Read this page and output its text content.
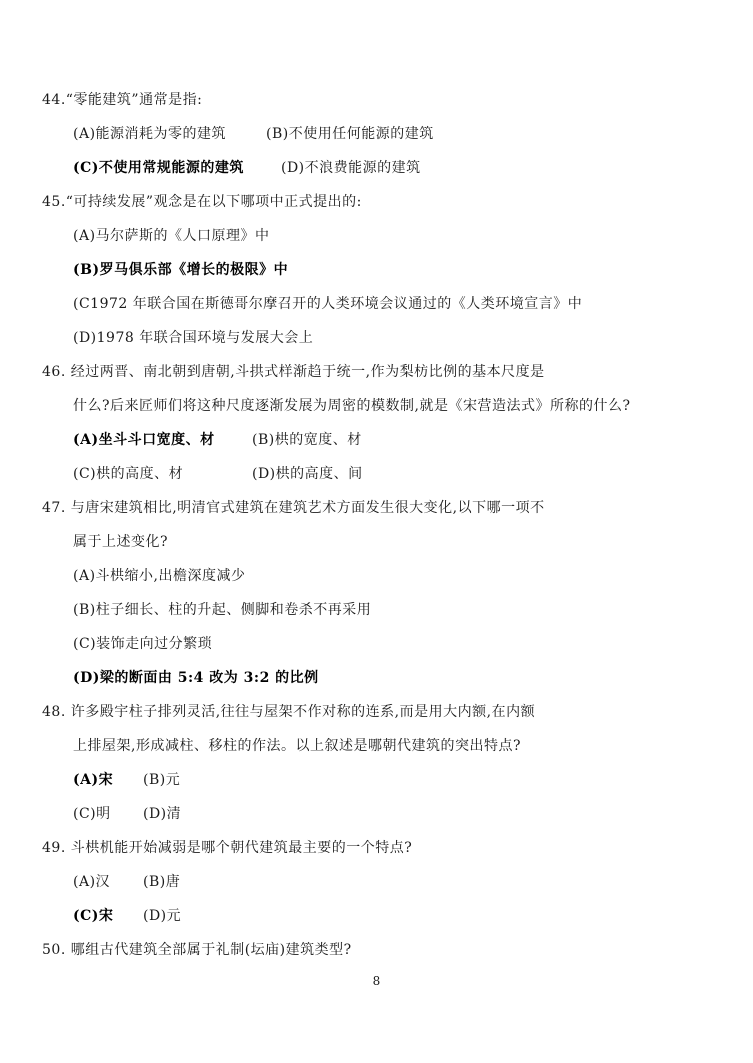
44.“零能建筑”通常是指:
(A)能源消耗为零的建筑	(B)不使用任何能源的建筑
(C)不使用常规能源的建筑	(D)不浪费能源的建筑
45.“可持续发展”观念是在以下哪项中正式提出的:
(A)马尔萨斯的《人口原理》中
(B)罗马俱乐部《增长的极限》中
(C1972 年联合国在斯德哥尔摩召开的人类环境会议通过的《人类环境宣言》中
(D)1978 年联合国环境与发展大会上
46. 经过两晋、南北朝到唐朝,斗拱式样渐趋于统一,作为梨枋比例的基本尺度是
什么?后来匠师们将这种尺度逐渐发展为周密的模数制,就是《宋营造法式》所称的什么?
(A)坐斗斗口宽度、材	(B)栱的宽度、材
(C)栱的高度、材	(D)栱的高度、间
47. 与唐宋建筑相比,明清官式建筑在建筑艺术方面发生很大变化,以下哪一项不
属于上述变化?
(A)斗栱缩小,出檐深度减少
(B)柱子细长、柱的升起、侧脚和卷杀不再采用
(C)装饰走向过分繁琐
(D)梁的断面由 5:4 改为 3:2 的比例
48. 许多殿宇柱子排列灵活,往往与屋架不作对称的连系,而是用大内额,在内额
上排屋架,形成减柱、移柱的作法。以上叙述是哪朝代建筑的突出特点?
(A)宋 (B)元
(C)明 (D)清
49. 斗栱机能开始减弱是哪个朝代建筑最主要的一个特点?
(A)汉 (B)唐
(C)宋 (D)元
50. 哪组古代建筑全部属于礼制(坛庙)建筑类型?
8
